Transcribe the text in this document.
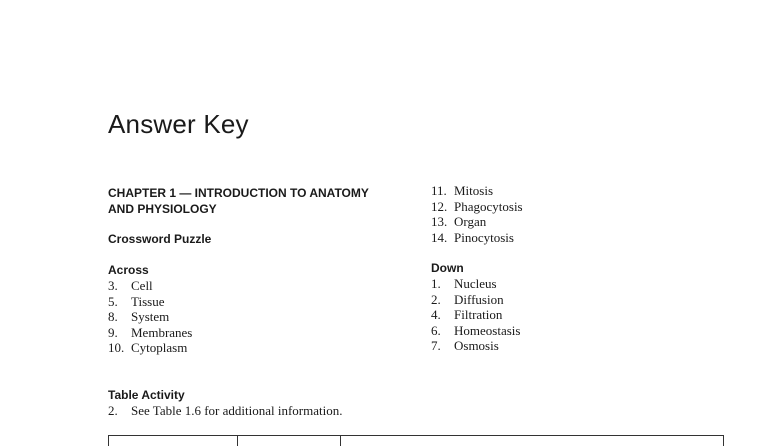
Answer Key
CHAPTER 1 — INTRODUCTION TO ANATOMY
AND PHYSIOLOGY
Crossword Puzzle
Across
3. Cell
5. Tissue
8. System
9. Membranes
10. Cytoplasm
11. Mitosis
12. Phagocytosis
13. Organ
14. Pinocytosis
Down
1. Nucleus
2. Diffusion
4. Filtration
6. Homeostasis
7. Osmosis
Table Activity
2. See Table 1.6 for additional information.
